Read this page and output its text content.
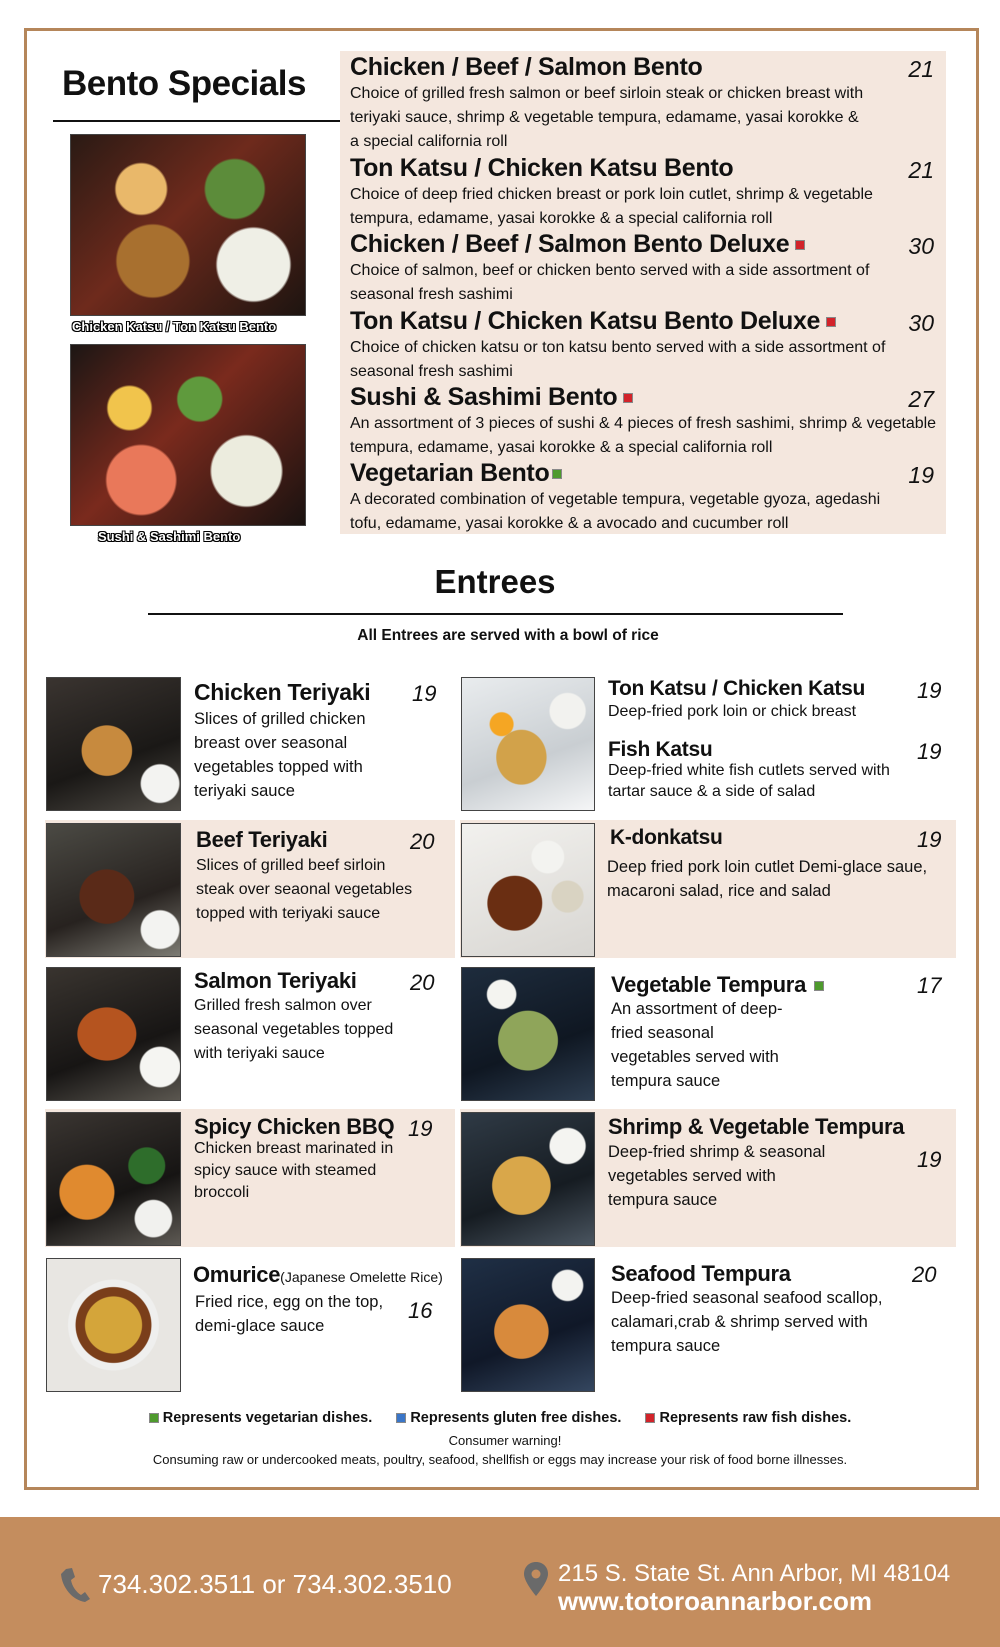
Bento Specials
Chicken Katsu / Ton Katsu Bento
Sushi & Sashimi Bento
Chicken / Beef / Salmon Bento	21
Choice of grilled fresh salmon or beef sirloin steak or chicken breast with teriyaki sauce, shrimp & vegetable tempura, edamame, yasai korokke & a special california roll
Ton Katsu / Chicken Katsu Bento	21
Choice of deep fried chicken breast or pork loin cutlet, shrimp & vegetable tempura, edamame, yasai korokke & a special california roll
Chicken / Beef / Salmon Bento Deluxe	30
Choice of salmon, beef or chicken bento served with a side assortment of seasonal fresh sashimi
Ton Katsu / Chicken Katsu Bento Deluxe	30
Choice of chicken katsu or ton katsu bento served with a side assortment of seasonal fresh sashimi
Sushi & Sashimi Bento	27
An assortment of 3 pieces of sushi & 4 pieces of fresh sashimi, shrimp & vegetable tempura, edamame, yasai korokke & a special california roll
Vegetarian Bento	19
A decorated combination of vegetable tempura, vegetable gyoza, agedashi tofu, edamame, yasai korokke & a avocado and cucumber roll
Entrees
All Entrees are served with a bowl of rice
Chicken Teriyaki 19
Slices of grilled chicken breast over seasonal vegetables topped with teriyaki sauce
Beef Teriyaki	20
Slices of grilled beef sirloin steak over seaonal vegetables topped with teriyaki sauce
Salmon Teriyaki 20
Grilled fresh salmon over seasonal vegetables topped with teriyaki sauce
Spicy Chicken BBQ 19
Chicken breast marinated in spicy sauce with steamed broccoli
Omurice(Japanese Omelette Rice)
16
Fried rice, egg on the top, demi-glace sauce
Ton Katsu / Chicken Katsu 19
Deep-fried pork loin or chick breast
Fish Katsu	19
Deep-fried white fish cutlets served with tartar sauce & a side of salad
K-donkatsu	19
Deep fried pork loin cutlet Demi-glace saue, macaroni salad, rice and salad
Vegetable Tempura	17
An assortment of deep-fried seasonal vegetables served with tempura sauce
Shrimp & Vegetable Tempura
19
Deep-fried shrimp & seasonal vegetables served with tempura sauce
Seafood Tempura	20
Deep-fried seasonal seafood scallop, calamari,crab & shrimp served with tempura sauce
Represents vegetarian dishes.	Represents gluten free dishes.	Represents raw fish dishes.
Consumer warning!
Consuming raw or undercooked meats, poultry, seafood, shellfish or eggs may increase your risk of food borne illnesses.
734.302.3511 or 734.302.3510	215 S. State St. Ann Arbor, MI 48104
www.totoroannarbor.com
